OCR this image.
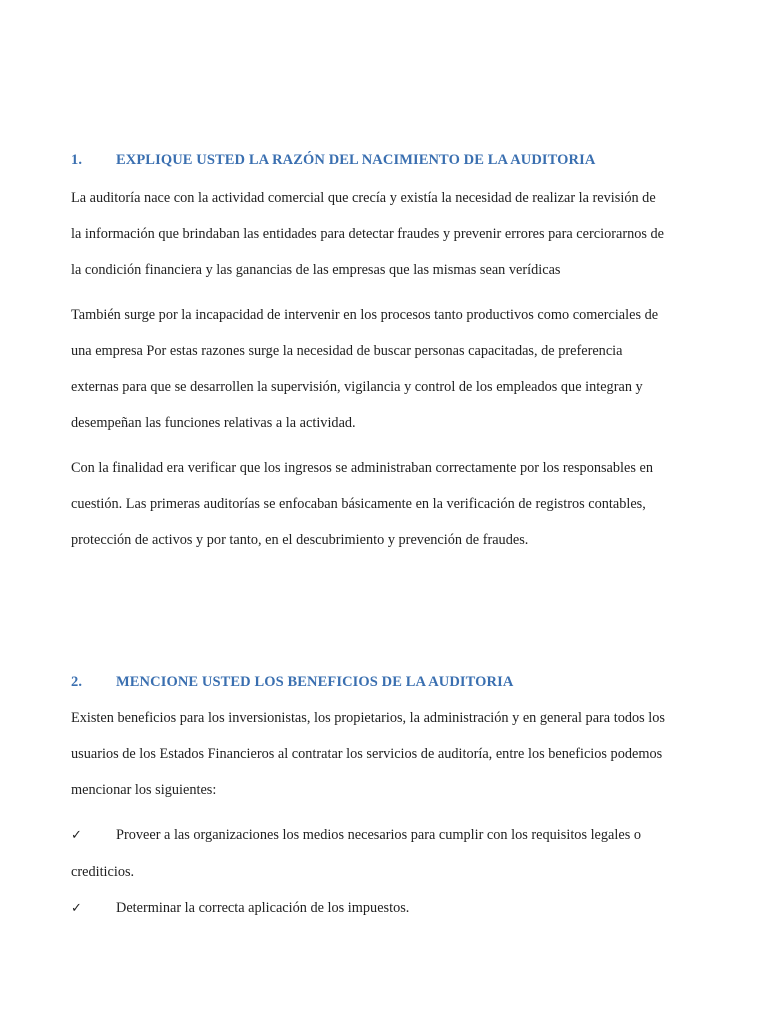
1. EXPLIQUE USTED LA RAZÓN DEL NACIMIENTO DE LA AUDITORIA
La auditoría nace con la actividad comercial que crecía y existía la necesidad de realizar la revisión de
la información que brindaban las entidades para detectar fraudes y prevenir errores para cerciorarnos de
la condición financiera y las ganancias de las empresas que las mismas sean verídicas
También surge por la incapacidad de intervenir en los procesos tanto productivos como comerciales de
una empresa Por estas razones surge la necesidad de buscar personas capacitadas, de preferencia
externas para que se desarrollen la supervisión, vigilancia y control de los empleados que integran y
desempeñan las funciones relativas a la actividad.
Con la finalidad era verificar que los ingresos se administraban correctamente por los responsables en
cuestión. Las primeras auditorías se enfocaban básicamente en la verificación de registros contables,
protección de activos y por tanto, en el descubrimiento y prevención de fraudes.
2. MENCIONE USTED LOS BENEFICIOS DE LA AUDITORIA
Existen beneficios para los inversionistas, los propietarios, la administración y en general para todos los
usuarios de los Estados Financieros al contratar los servicios de auditoría, entre los beneficios podemos
mencionar los siguientes:
✓ Proveer a las organizaciones los medios necesarios para cumplir con los requisitos legales o
crediticios.
✓ Determinar la correcta aplicación de los impuestos.
